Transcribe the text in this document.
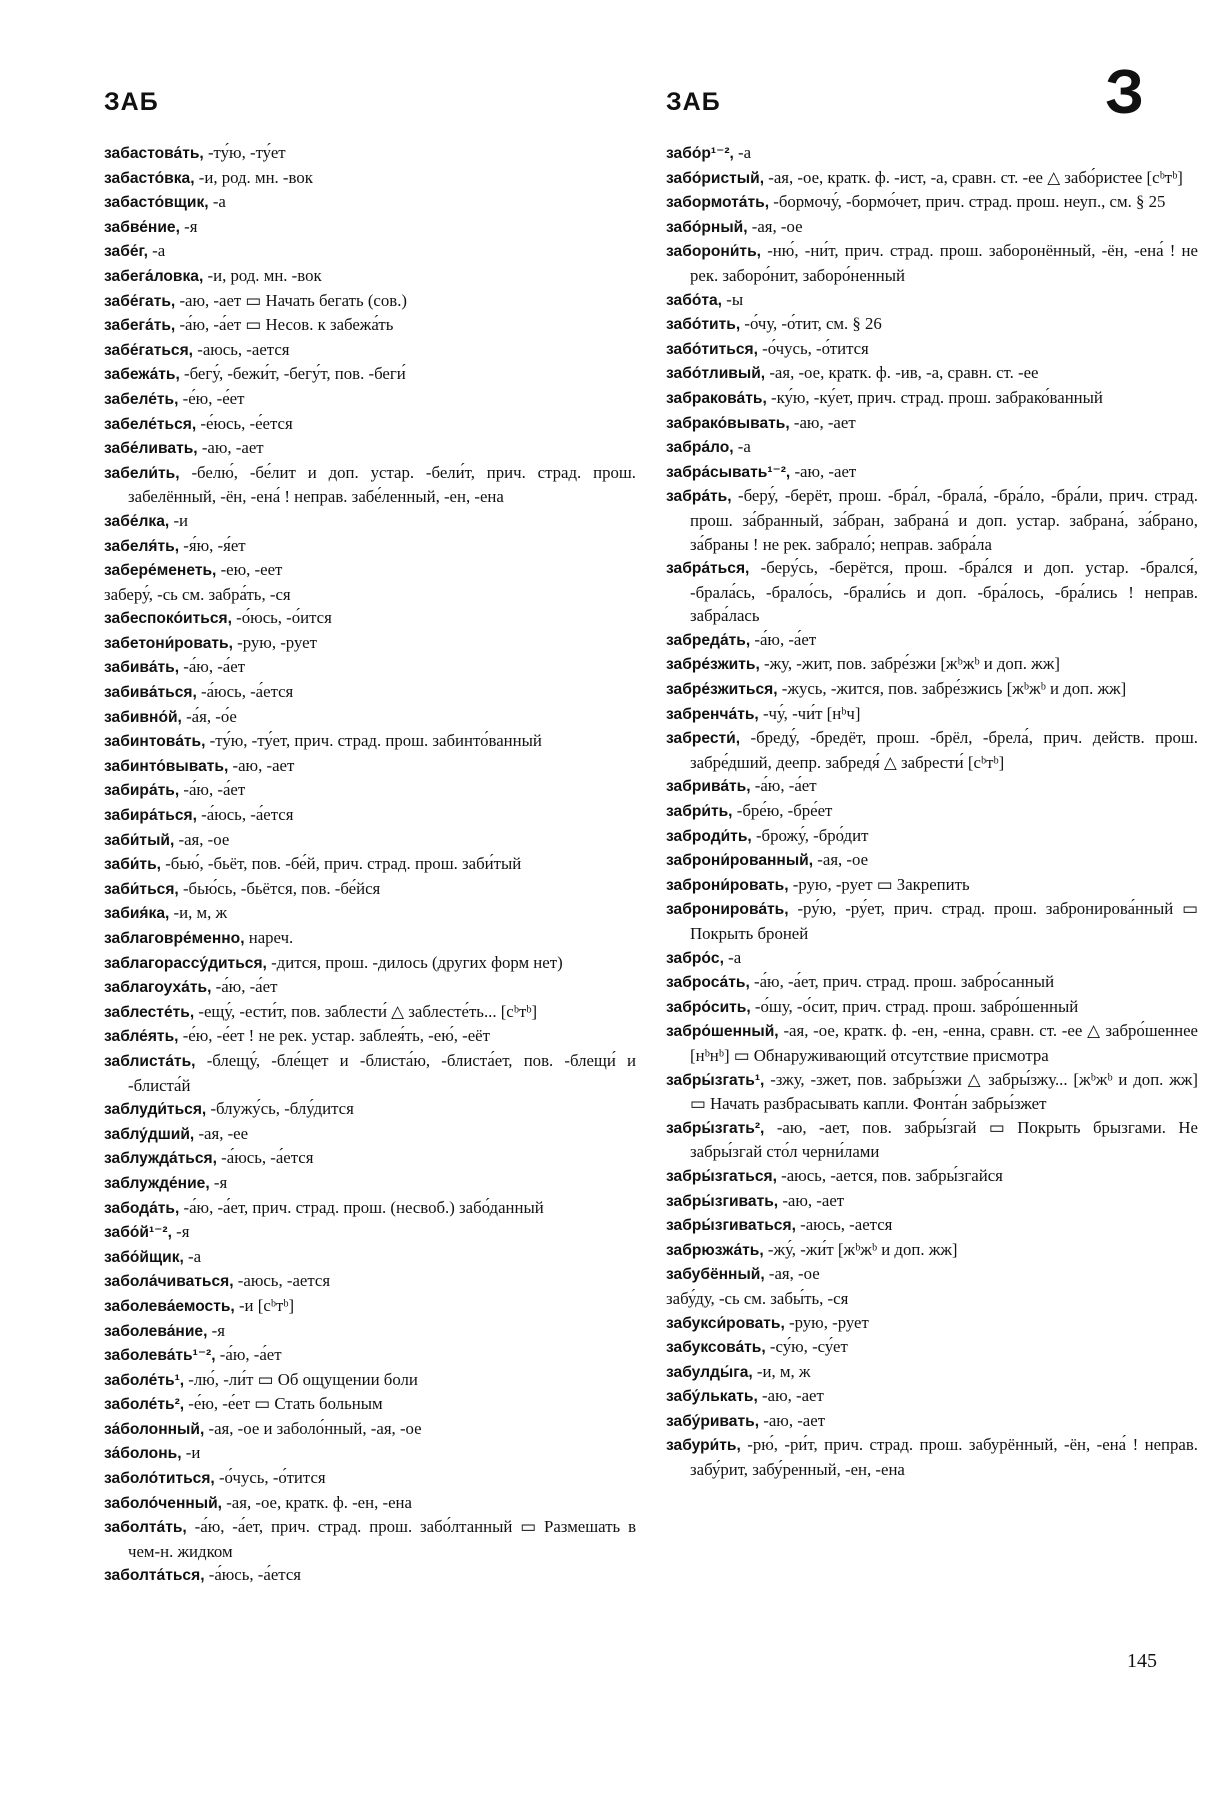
ЗАБ	ЗАБ	З

забастова́ть, -ту́ю, -ту́ет

забасто́вка, -и, род. мн. -вок

забасто́вщик, -а

забве́ние, -я

забе́г, -а

забега́ловка, -и, род. мн. -вок

забе́гать, -аю, -ает ▭ Начать бегать (сов.)

забега́ть, -а́ю, -а́ет ▭ Несов. к забежа́ть

забе́гаться, -аюсь, -ается

забежа́ть, -бегу́, -бежи́т, -бегу́т, пов. -беги́

забеле́ть, -е́ю, -е́ет

забеле́ться, -е́юсь, -е́ется

забе́ливать, -аю, -ает

забели́ть, -белю́, -бе́лит и доп. устар. -бели́т, прич. страд. прош. забелённый, -ён, -ена́ ! неправ. забе́ленный, -ен, -ена

забе́лка, -и

забеля́ть, -я́ю, -я́ет

забере́менеть, -ею, -еет

заберу́, -сь см. забра́ть, -ся

забеспоко́иться, -о́юсь, -о́ится

забетони́ровать, -рую, -рует

забива́ть, -а́ю, -а́ет

забива́ться, -а́юсь, -а́ется

забивно́й, -а́я, -о́е

забинтова́ть, -ту́ю, -ту́ет, прич. страд. прош. забинто́ванный

забинто́вывать, -аю, -ает

забира́ть, -а́ю, -а́ет

забира́ться, -а́юсь, -а́ется

заби́тый, -ая, -ое

заби́ть, -бью́, -бьёт, пов. -бе́й, прич. страд. прош. заби́тый

заби́ться, -бью́сь, -бьётся, пов. -бе́йся

забия́ка, -и, м, ж

заблаговре́менно, нареч.

заблагорассу́диться, -дится, прош. -дилось (других форм нет)

заблагоуха́ть, -а́ю, -а́ет

заблесте́ть, -ещу́, -ести́т, пов. заблести́ △ заблесте́ть... [сᵇтᵇ]

забле́ять, -е́ю, -е́ет ! не рек. устар. заблея́ть, -ею́, -еёт

заблиста́ть, -блещу́, -бле́щет и -блиста́ю, -блиста́ет, пов. -блещи́ и -блиста́й

заблуди́ться, -блужу́сь, -блу́дится

заблу́дший, -ая, -ее

заблужда́ться, -а́юсь, -а́ется

заблужде́ние, -я

забода́ть, -а́ю, -а́ет, прич. страд. прош. (несвоб.) забо́данный

забо́й¹⁻², -я

забо́йщик, -а

забола́чиваться, -аюсь, -ается

заболева́емость, -и [сᵇтᵇ]

заболева́ние, -я

заболева́ть¹⁻², -а́ю, -а́ет

заболе́ть¹, -лю́, -ли́т ▭ Об ощущении боли

заболе́ть², -е́ю, -е́ет ▭ Стать больным

за́болонный, -ая, -ое и заболо́нный, -ая, -ое

за́болонь, -и

заболо́титься, -о́чусь, -о́тится

заболо́ченный, -ая, -ое, кратк. ф. -ен, -ена

заболта́ть, -а́ю, -а́ет, прич. страд. прош. забо́лтанный ▭ Размешать в чем-н. жидком

заболта́ться, -а́юсь, -а́ется

забо́р¹⁻², -а

забо́ристый, -ая, -ое, кратк. ф. -ист, -а, сравн. ст. -ее △ забо́ристее [сᵇтᵇ]

забормота́ть, -бормочу́, -бормо́чет, прич. страд. прош. неуп., см. § 25

забо́рный, -ая, -ое

заборони́ть, -ню́, -ни́т, прич. страд. прош. заборонённый, -ён, -ена́ ! не рек. заборо́нит, заборо́ненный

забо́та, -ы

забо́тить, -о́чу, -о́тит, см. § 26

забо́титься, -о́чусь, -о́тится

забо́тливый, -ая, -ое, кратк. ф. -ив, -а, сравн. ст. -ее

забракова́ть, -ку́ю, -ку́ет, прич. страд. прош. забрако́ванный

забрако́вывать, -аю, -ает

забра́ло, -а

забра́сывать¹⁻², -аю, -ает

забра́ть, -беру́, -берёт, прош. -бра́л, -брала́, -бра́ло, -бра́ли, прич. страд. прош. за́бранный, за́бран, забрана́ и доп. устар. забрана́, за́брано, за́браны ! не рек. забрало́; неправ. забра́ла

забра́ться, -беру́сь, -берётся, прош. -бра́лся и доп. устар. -брался́, -брала́сь, -брало́сь, -брали́сь и доп. -бра́лось, -бра́лись ! неправ. забра́лась

забреда́ть, -а́ю, -а́ет

забре́зжить, -жу, -жит, пов. забре́зжи [жᵇжᵇ и доп. жж]

забре́зжиться, -жусь, -жится, пов. забре́зжись [жᵇжᵇ и доп. жж]

забренча́ть, -чу́, -чи́т [нᵇч]

забрести́, -бреду́, -бредёт, прош. -брёл, -брела́, прич. действ. прош. забре́дший, деепр. забредя́ △ забрести́ [сᵇтᵇ]

забрива́ть, -а́ю, -а́ет

забри́ть, -бре́ю, -бре́ет

заброди́ть, -брожу́, -бро́дит

заброни́рованный, -ая, -ое

заброни́ровать, -рую, -рует ▭ Закрепить

забронирова́ть, -ру́ю, -ру́ет, прич. страд. прош. забронирова́нный ▭ Покрыть броней

забро́с, -а

заброса́ть, -а́ю, -а́ет, прич. страд. прош. забро́санный

забро́сить, -о́шу, -о́сит, прич. страд. прош. забро́шенный

забро́шенный, -ая, -ое, кратк. ф. -ен, -енна, сравн. ст. -ее △ забро́шеннее [нᵇнᵇ] ▭ Обнаруживающий отсутствие присмотра

забры́згать¹, -зжу, -зжет, пов. забры́зжи △ забры́зжу... [жᵇжᵇ и доп. жж] ▭ Начать разбрасывать капли. Фонта́н забры́зжет

забры́згать², -аю, -ает, пов. забры́згай ▭ Покрыть брызгами. Не забры́згай сто́л черни́лами

забры́згаться, -аюсь, -ается, пов. забры́згайся

забры́згивать, -аю, -ает

забры́згиваться, -аюсь, -ается

забрюзжа́ть, -жу́, -жи́т [жᵇжᵇ и доп. жж]

забубённый, -ая, -ое

забу́ду, -сь см. забы́ть, -ся

забукси́ровать, -рую, -рует

забуксова́ть, -су́ю, -су́ет

забулды́га, -и, м, ж

забу́лькать, -аю, -ает

забу́ривать, -аю, -ает

забури́ть, -рю́, -ри́т, прич. страд. прош. забурённый, -ён, -ена́ ! неправ. забу́рит, забу́ренный, -ен, -ена

145
